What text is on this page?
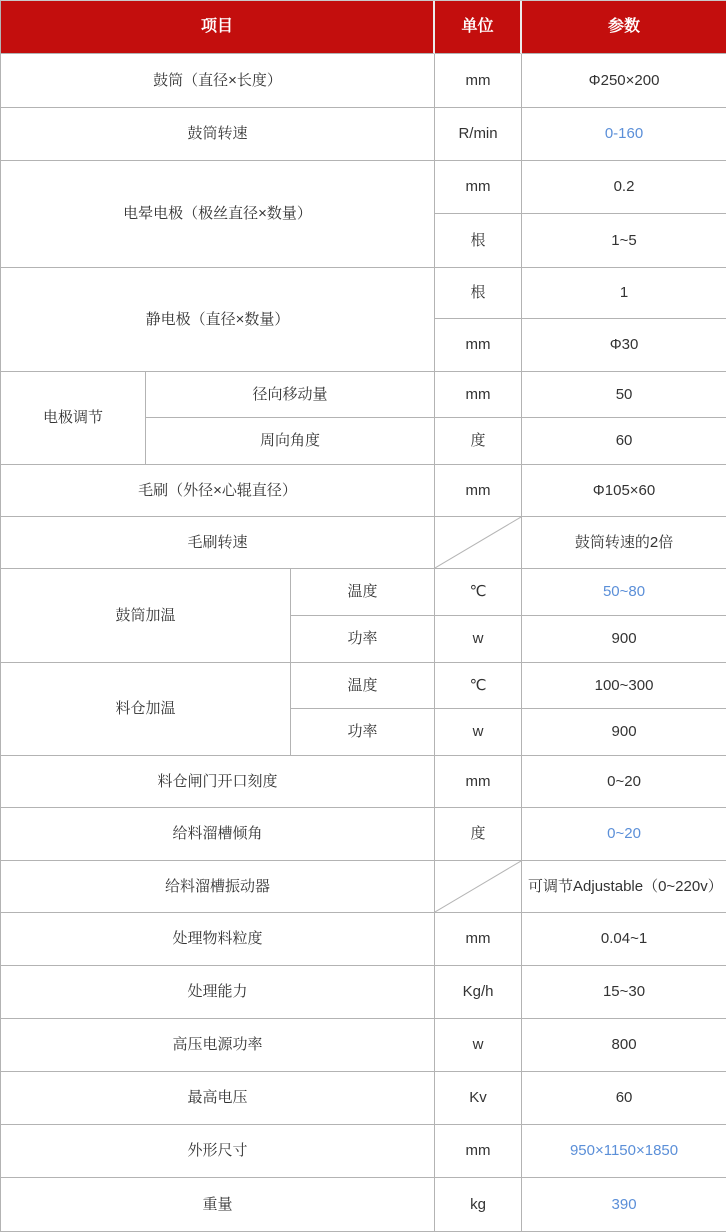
项目			单位	参数
鼓筒（直径×长度）			mm	Φ250×200
鼓筒转速			R/min	0-160
电晕电极（极丝直径×数量）			mm	0.2
			根	1~5
静电极（直径×数量）			根	1
			mm	Φ30
电极调节	径向移动量		mm	50
	周向角度		度	60
毛刷（外径×心辊直径）			mm	Φ105×60
毛刷转速				鼓筒转速的2倍
鼓筒加温		温度	℃	50~80
		功率	w	900
料仓加温		温度	℃	100~300
		功率	w	900
料仓闸门开口刻度			mm	0~20
给料溜槽倾角			度	0~20
给料溜槽振动器				可调节Adjustable（0~220v）
处理物料粒度			mm	0.04~1
处理能力			Kg/h	15~30
高压电源功率			w	800
最高电压			Kv	60
外形尺寸			mm	950×1150×1850
重量			kg	390
